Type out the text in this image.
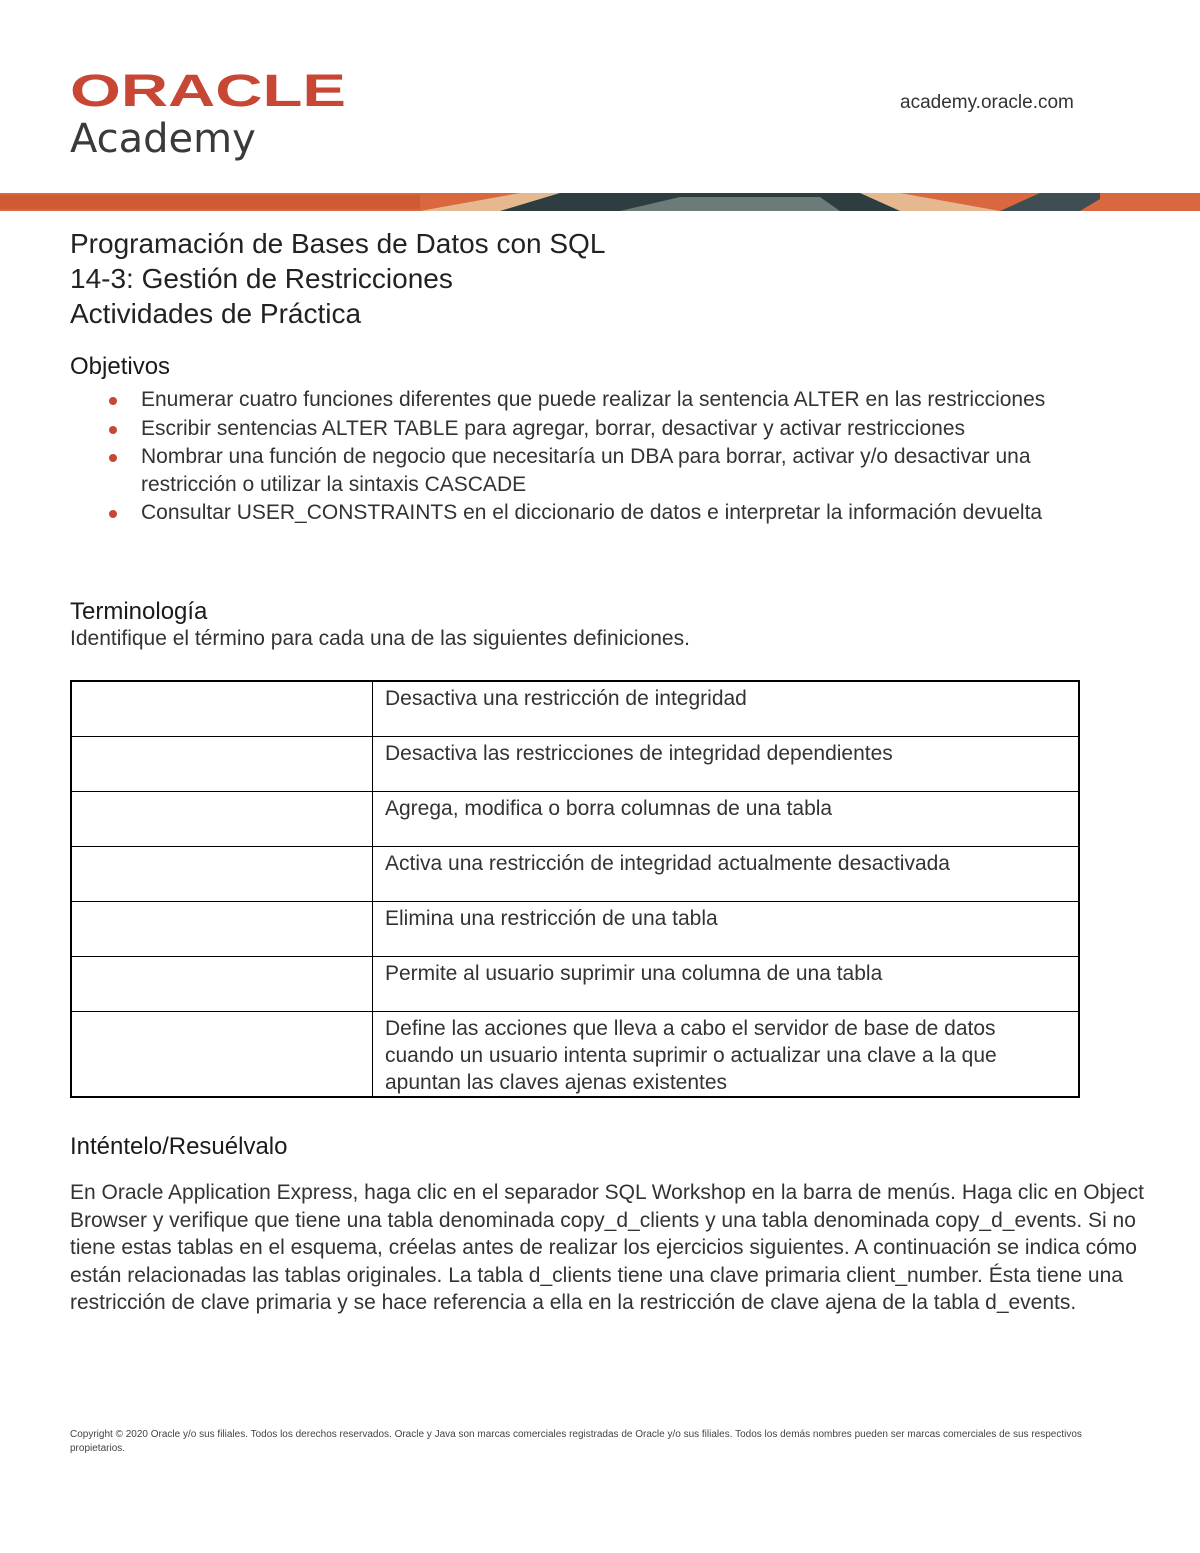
ORACLE
Academy
academy.oracle.com

Programación de Bases de Datos con SQL

14-3: Gestión de Restricciones

Actividades de Práctica

Objetivos
Enumerar cuatro funciones diferentes que puede realizar la sentencia ALTER en las restricciones
Escribir sentencias ALTER TABLE para agregar, borrar, desactivar y activar restricciones
Nombrar una función de negocio que necesitaría un DBA para borrar, activar y/o desactivar una restricción o utilizar la sintaxis CASCADE
Consultar USER_CONSTRAINTS en el diccionario de datos e interpretar la información devuelta
Terminología

Identifique el término para cada una de las siguientes definiciones.

	Desactiva una restricción de integridad
	Desactiva las restricciones de integridad dependientes
	Agrega, modifica o borra columnas de una tabla
	Activa una restricción de integridad actualmente desactivada
	Elimina una restricción de una tabla
	Permite al usuario suprimir una columna de una tabla
	Define las acciones que lleva a cabo el servidor de base de datos cuando un usuario intenta suprimir o actualizar una clave a la que apuntan las claves ajenas existentes
Inténtelo/Resuélvalo

En Oracle Application Express, haga clic en el separador SQL Workshop en la barra de menús. Haga clic en Object Browser y verifique que tiene una tabla denominada copy_d_clients y una tabla denominada copy_d_events. Si no tiene estas tablas en el esquema, créelas antes de realizar los ejercicios siguientes. A continuación se indica cómo están relacionadas las tablas originales. La tabla d_clients tiene una clave primaria client_number. Ésta tiene una restricción de clave primaria y se hace referencia a ella en la restricción de clave ajena de la tabla d_events.

Copyright © 2020 Oracle y/o sus filiales. Todos los derechos reservados. Oracle y Java son marcas comerciales registradas de Oracle y/o sus filiales. Todos los demás nombres pueden ser marcas comerciales de sus respectivos propietarios.
